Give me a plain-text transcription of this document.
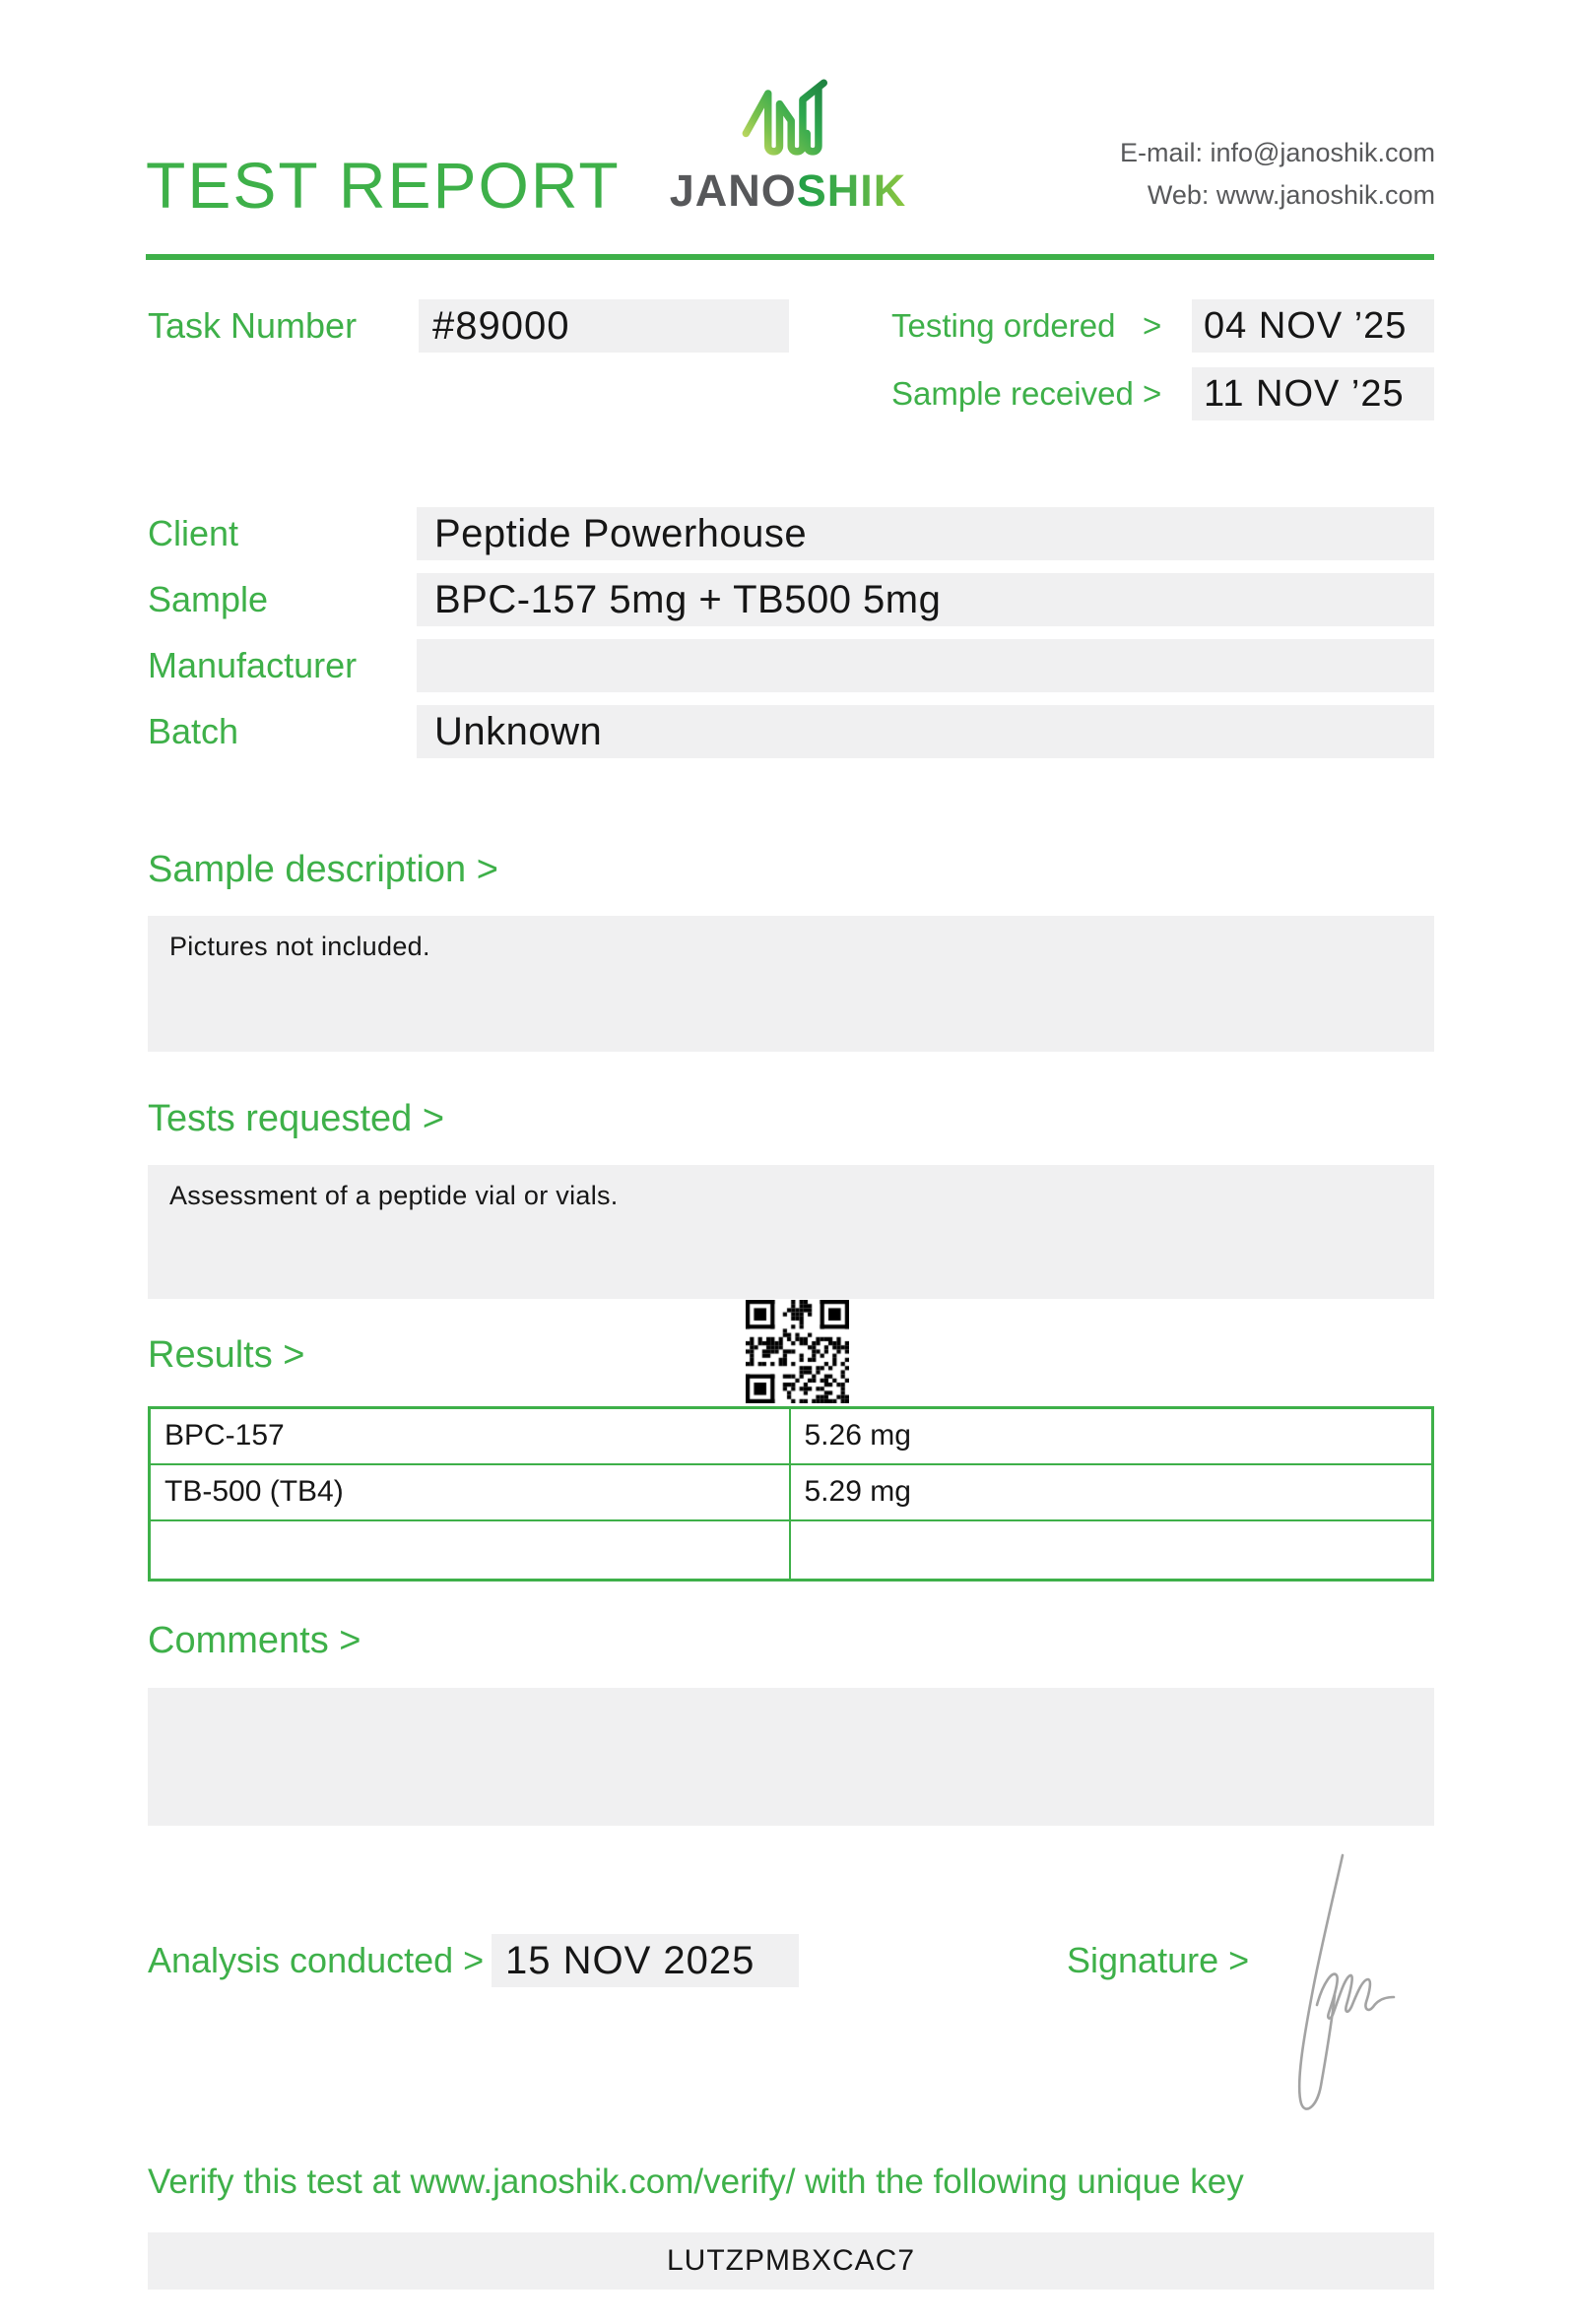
TEST REPORT	JANOSHIK
E-mail: info@janoshik.com
Web: www.janoshik.com
Task Number	#89000	Testing ordered >	04 NOV ’25
Sample received >	11 NOV ’25
Client	Peptide Powerhouse
Sample	BPC-157 5mg + TB500 5mg
Manufacturer
Batch	Unknown
Sample description >
Pictures not included.
Tests requested >
Assessment of a peptide vial or vials.
Results >
BPC-157	5.26 mg
TB-500 (TB4)	5.29 mg

Comments >
Analysis conducted > 15 NOV 2025	Signature >
Verify this test at www.janoshik.com/verify/ with the following unique key
LUTZPMBXCAC7
